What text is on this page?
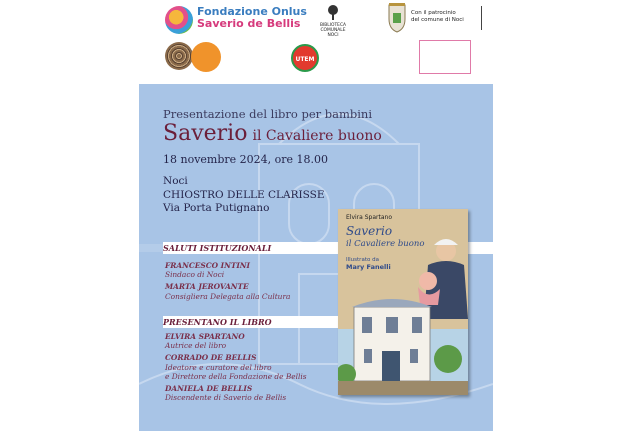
Fondazione Onlus
Saverio de Bellis	BIBLIOTECA
COMUNALE
NOCI
Con il patrocinio
del comune di Noci
UTEM
Presentazione del libro per bambini
Saverio il Cavaliere buono
18 novembre 2024, ore 18.00
Noci
CHIOSTRO DELLE CLARISSE
Via Porta Putignano
SALUTI ISTITUZIONALI
FRANCESCO INTINI
Sindaco di Noci
MARTA JEROVANTE
Consigliera Delegata alla Cultura
PRESENTANO IL LIBRO
ELVIRA SPARTANO
Autrice del libro
CORRADO DE BELLIS
Ideatore e curatore del libro
e Direttore della Fondazione de Bellis
DANIELA DE BELLIS
Discendente di Saverio de Bellis
Elvira Spartano
Saverio
il Cavaliere buono
Illustrato da
Mary Fanelli
